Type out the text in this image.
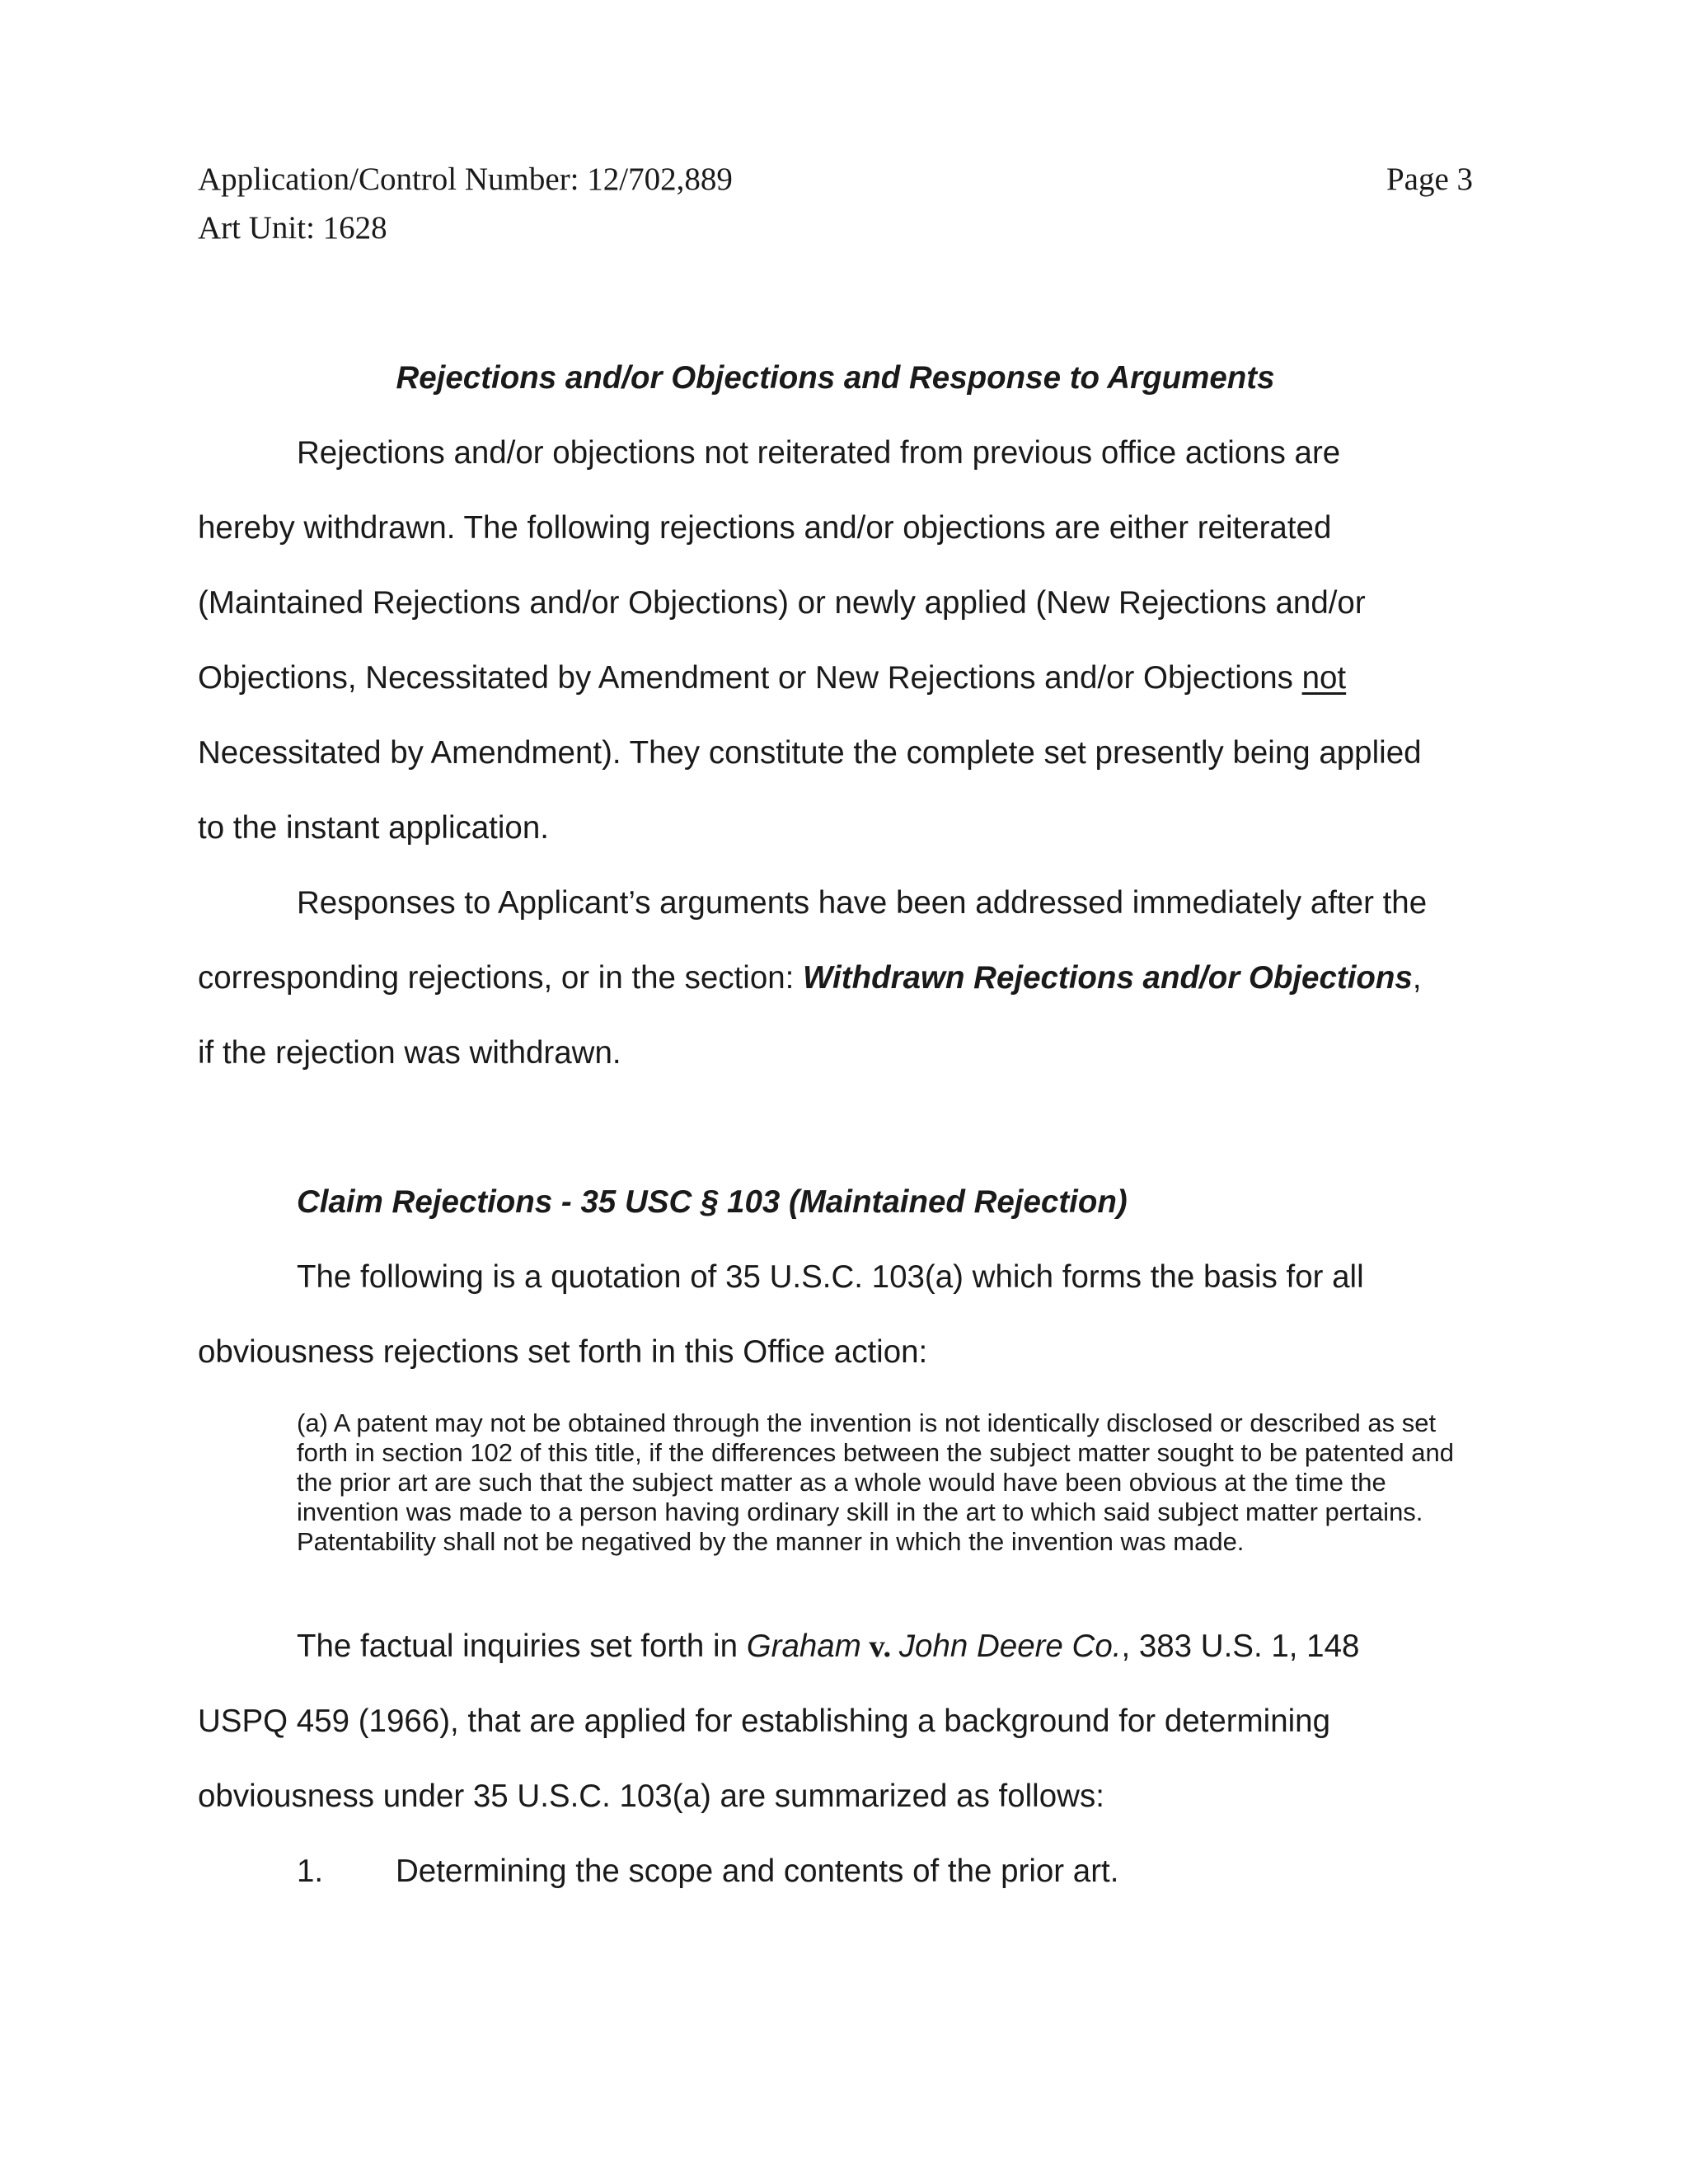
Application/Control Number: 12/702,889	Page 3
Art Unit: 1628
Rejections and/or Objections and Response to Arguments
Rejections and/or objections not reiterated from previous office actions are
hereby withdrawn. The following rejections and/or objections are either reiterated
(Maintained Rejections and/or Objections) or newly applied (New Rejections and/or
Objections, Necessitated by Amendment or New Rejections and/or Objections not
Necessitated by Amendment). They constitute the complete set presently being applied
to the instant application.
Responses to Applicant’s arguments have been addressed immediately after the
corresponding rejections, or in the section: Withdrawn Rejections and/or Objections,
if the rejection was withdrawn.
Claim Rejections - 35 USC § 103 (Maintained Rejection)
The following is a quotation of 35 U.S.C. 103(a) which forms the basis for all
obviousness rejections set forth in this Office action:
(a) A patent may not be obtained through the invention is not identically disclosed or described as set
forth in section 102 of this title, if the differences between the subject matter sought to be patented and
the prior art are such that the subject matter as a whole would have been obvious at the time the
invention was made to a person having ordinary skill in the art to which said subject matter pertains.
Patentability shall not be negatived by the manner in which the invention was made.
The factual inquiries set forth in Graham v. John Deere Co., 383 U.S. 1, 148
USPQ 459 (1966), that are applied for establishing a background for determining
obviousness under 35 U.S.C. 103(a) are summarized as follows:
1. Determining the scope and contents of the prior art.
